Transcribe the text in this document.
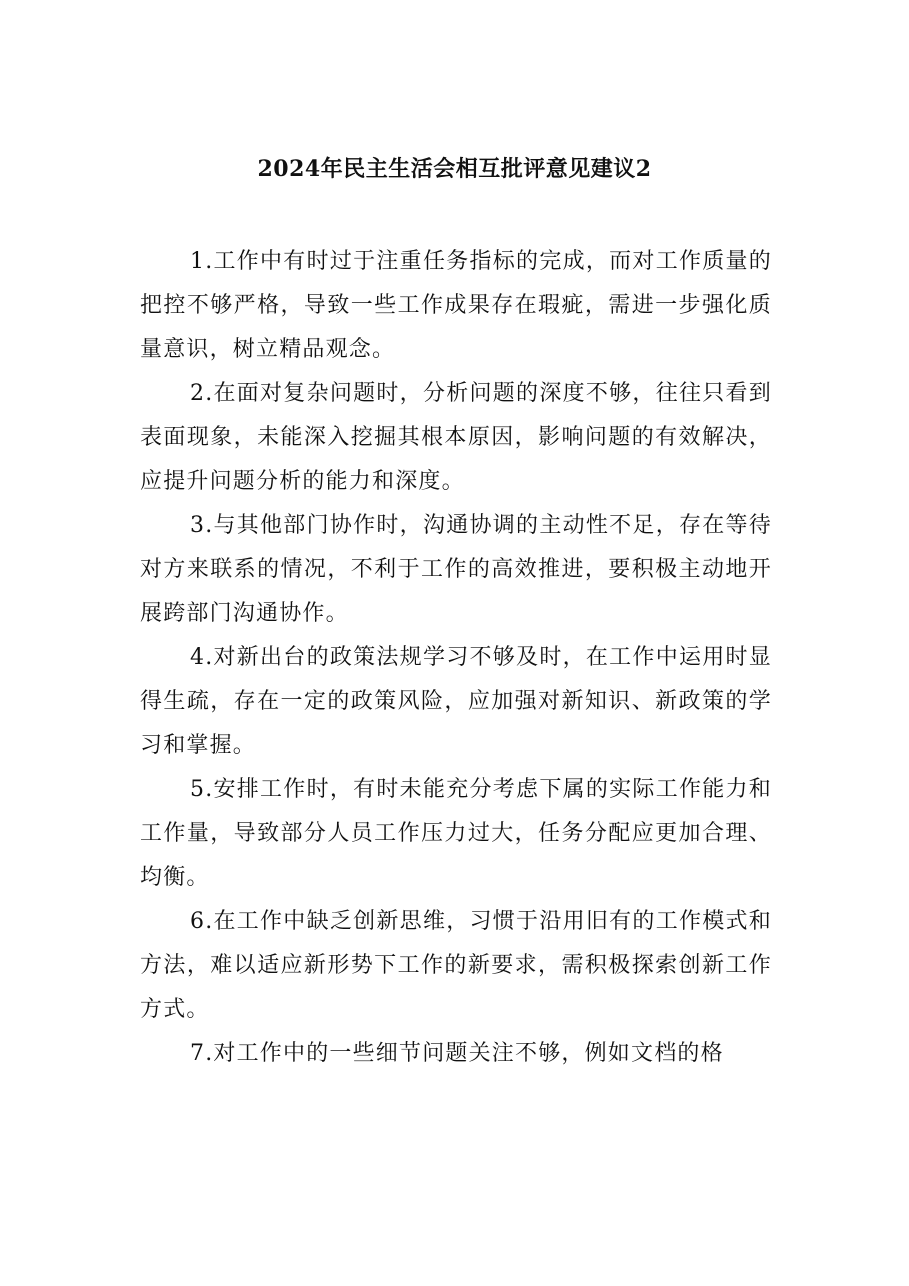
2024年民主生活会相互批评意见建议2

1.工作中有时过于注重任务指标的完成，而对工作质量的把控不够严格，导致一些工作成果存在瑕疵，需进一步强化质量意识，树立精品观念。

2.在面对复杂问题时，分析问题的深度不够，往往只看到表面现象，未能深入挖掘其根本原因，影响问题的有效解决，应提升问题分析的能力和深度。

3.与其他部门协作时，沟通协调的主动性不足，存在等待对方来联系的情况，不利于工作的高效推进，要积极主动地开展跨部门沟通协作。

4.对新出台的政策法规学习不够及时，在工作中运用时显得生疏，存在一定的政策风险，应加强对新知识、新政策的学习和掌握。

5.安排工作时，有时未能充分考虑下属的实际工作能力和工作量，导致部分人员工作压力过大，任务分配应更加合理、均衡。

6.在工作中缺乏创新思维，习惯于沿用旧有的工作模式和方法，难以适应新形势下工作的新要求，需积极探索创新工作方式。

7.对工作中的一些细节问题关注不够，例如文档的格
